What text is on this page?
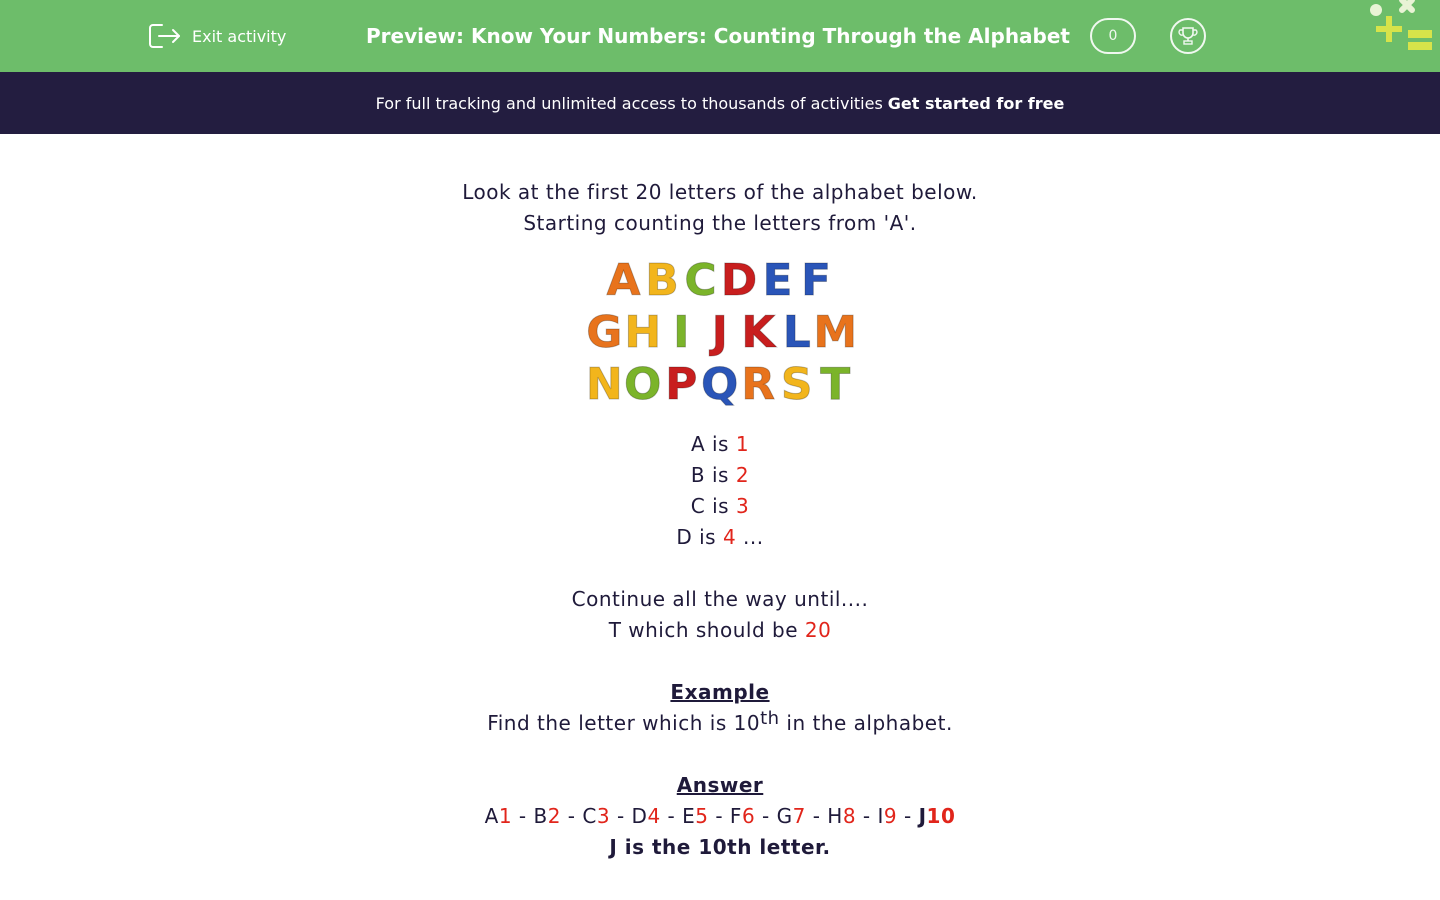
Exit activity	Preview: Know Your Numbers: Counting Through the Alphabet	0
For full tracking and unlimited access to thousands of activities Get started for free

Look at the first 20 letters of the alphabet below.

Starting counting the letters from 'A'.

A B C D E F
G H I J K L M
N O P Q R S T

A is 1

B is 2

C is 3

D is 4 ...

Continue all the way until....

T which should be 20

Example

Find the letter which is 10th in the alphabet.

Answer

A1 - B2 - C3 - D4 - E5 - F6 - G7 - H8 - I9 - J10

J is the 10th letter.
